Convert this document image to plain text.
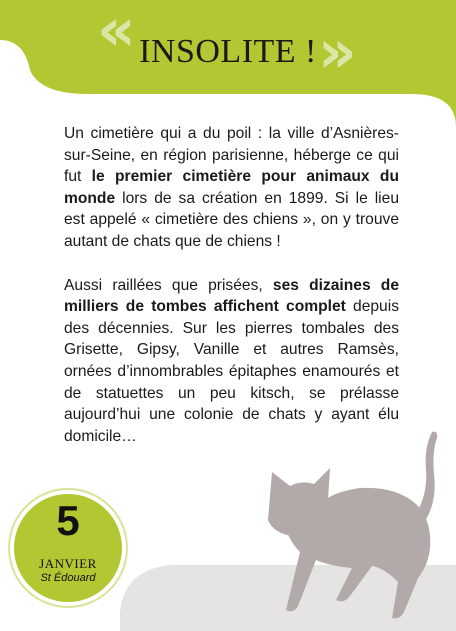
«	»
INSOLITE !

Un cimetière qui a du poil : la ville d’Asnières-sur-Seine, en région parisienne, héberge ce qui fut le premier cimetière pour animaux du monde lors de sa création en 1899. Si le lieu est appelé « cimetière des chiens », on y trouve autant de chats que de chiens !

Aussi raillées que prisées, ses dizaines de milliers de tombes affichent complet depuis des décennies. Sur les pierres tombales des Grisette, Gipsy, Vanille et autres Ramsès, ornées d’innombrables épitaphes enamourés et de statuettes un peu kitsch, se prélasse aujourd’hui une colonie de chats y ayant élu domicile…

5
JANVIER
St Édouard
